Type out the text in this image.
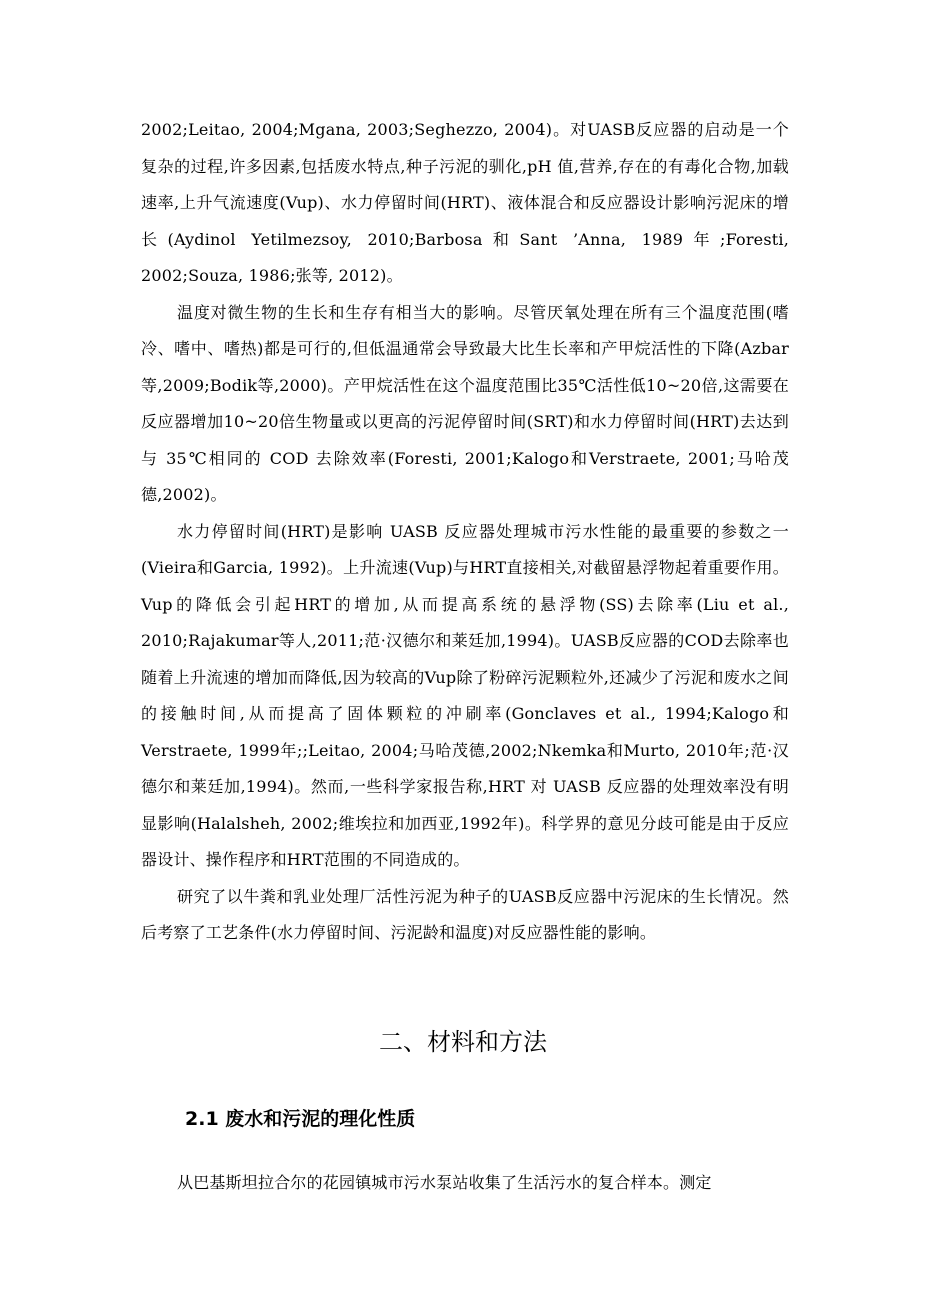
2002;Leitao, 2004;Mgana, 2003;Seghezzo, 2004)。对UASB反应器的启动是一个复杂的过程,许多因素,包括废水特点,种子污泥的驯化,pH 值,营养,存在的有毒化合物,加载速率,上升气流速度(Vup)、水力停留时间(HRT)、液体混合和反应器设计影响污泥床的增长(Aydinol Yetilmezsoy, 2010;Barbosa和Sant ’Anna, 1989年;Foresti, 2002;Souza, 1986;张等, 2012)。

温度对微生物的生长和生存有相当大的影响。尽管厌氧处理在所有三个温度范围(嗜冷、嗜中、嗜热)都是可行的,但低温通常会导致最大比生长率和产甲烷活性的下降(Azbar等,2009;Bodik等,2000)。产甲烷活性在这个温度范围比35℃活性低10~20倍,这需要在反应器增加10~20倍生物量或以更高的污泥停留时间(SRT)和水力停留时间(HRT)去达到与 35℃相同的 COD 去除效率(Foresti, 2001;Kalogo和Verstraete, 2001;马哈茂德,2002)。

水力停留时间(HRT)是影响 UASB 反应器处理城市污水性能的最重要的参数之一(Vieira和Garcia, 1992)。上升流速(Vup)与HRT直接相关,对截留悬浮物起着重要作用。Vup的降低会引起HRT的增加,从而提高系统的悬浮物(SS)去除率(Liu et al., 2010;Rajakumar等人,2011;范·汉德尔和莱廷加,1994)。UASB反应器的COD去除率也随着上升流速的增加而降低,因为较高的Vup除了粉碎污泥颗粒外,还减少了污泥和废水之间的接触时间,从而提高了固体颗粒的冲刷率(Gonclaves et al., 1994;Kalogo和Verstraete, 1999年;;Leitao, 2004;马哈茂德,2002;Nkemka和Murto, 2010年;范·汉德尔和莱廷加,1994)。然而,一些科学家报告称,HRT 对 UASB 反应器的处理效率没有明显影响(Halalsheh, 2002;维埃拉和加西亚,1992年)。科学界的意见分歧可能是由于反应器设计、操作程序和HRT范围的不同造成的。

研究了以牛粪和乳业处理厂活性污泥为种子的UASB反应器中污泥床的生长情况。然后考察了工艺条件(水力停留时间、污泥龄和温度)对反应器性能的影响。

二、材料和方法
2.1 废水和污泥的理化性质

从巴基斯坦拉合尔的花园镇城市污水泵站收集了生活污水的复合样本。测定
